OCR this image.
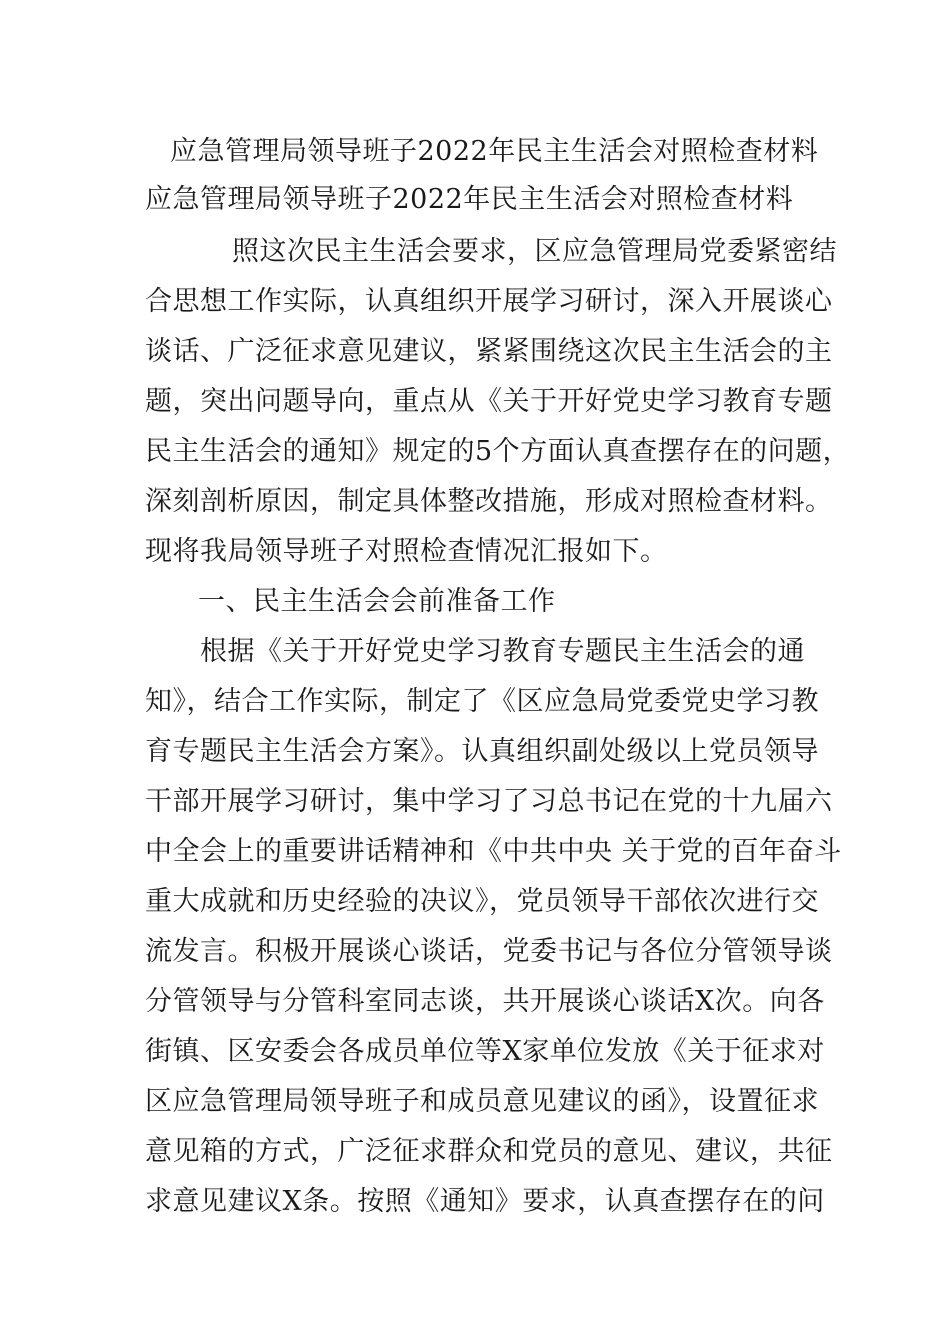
应急管理局领导班子2022年民主生活会对照检查材料
应急管理局领导班子2022年民主生活会对照检查材料
照这次民主生活会要求，区应急管理局党委紧密结
合思想工作实际，认真组织开展学习研讨，深入开展谈心
谈话、广泛征求意见建议，紧紧围绕这次民主生活会的主
题，突出问题导向，重点从《关于开好党史学习教育专题
民主生活会的通知》规定的5个方面认真查摆存在的问题，
深刻剖析原因，制定具体整改措施，形成对照检查材料。
现将我局领导班子对照检查情况汇报如下。
一、民主生活会会前准备工作
根据《关于开好党史学习教育专题民主生活会的通
知》，结合工作实际，制定了《区应急局党委党史学习教
育专题民主生活会方案》。认真组织副处级以上党员领导
干部开展学习研讨，集中学习了习总书记在党的十九届六
中全会上的重要讲话精神和《中共中央 关于党的百年奋斗
重大成就和历史经验的决议》，党员领导干部依次进行交
流发言。积极开展谈心谈话，党委书记与各位分管领导谈
分管领导与分管科室同志谈，共开展谈心谈话X次。向各
街镇、区安委会各成员单位等X家单位发放《关于征求对
区应急管理局领导班子和成员意见建议的函》，设置征求
意见箱的方式，广泛征求群众和党员的意见、建议，共征
求意见建议X条。按照《通知》要求，认真查摆存在的问
